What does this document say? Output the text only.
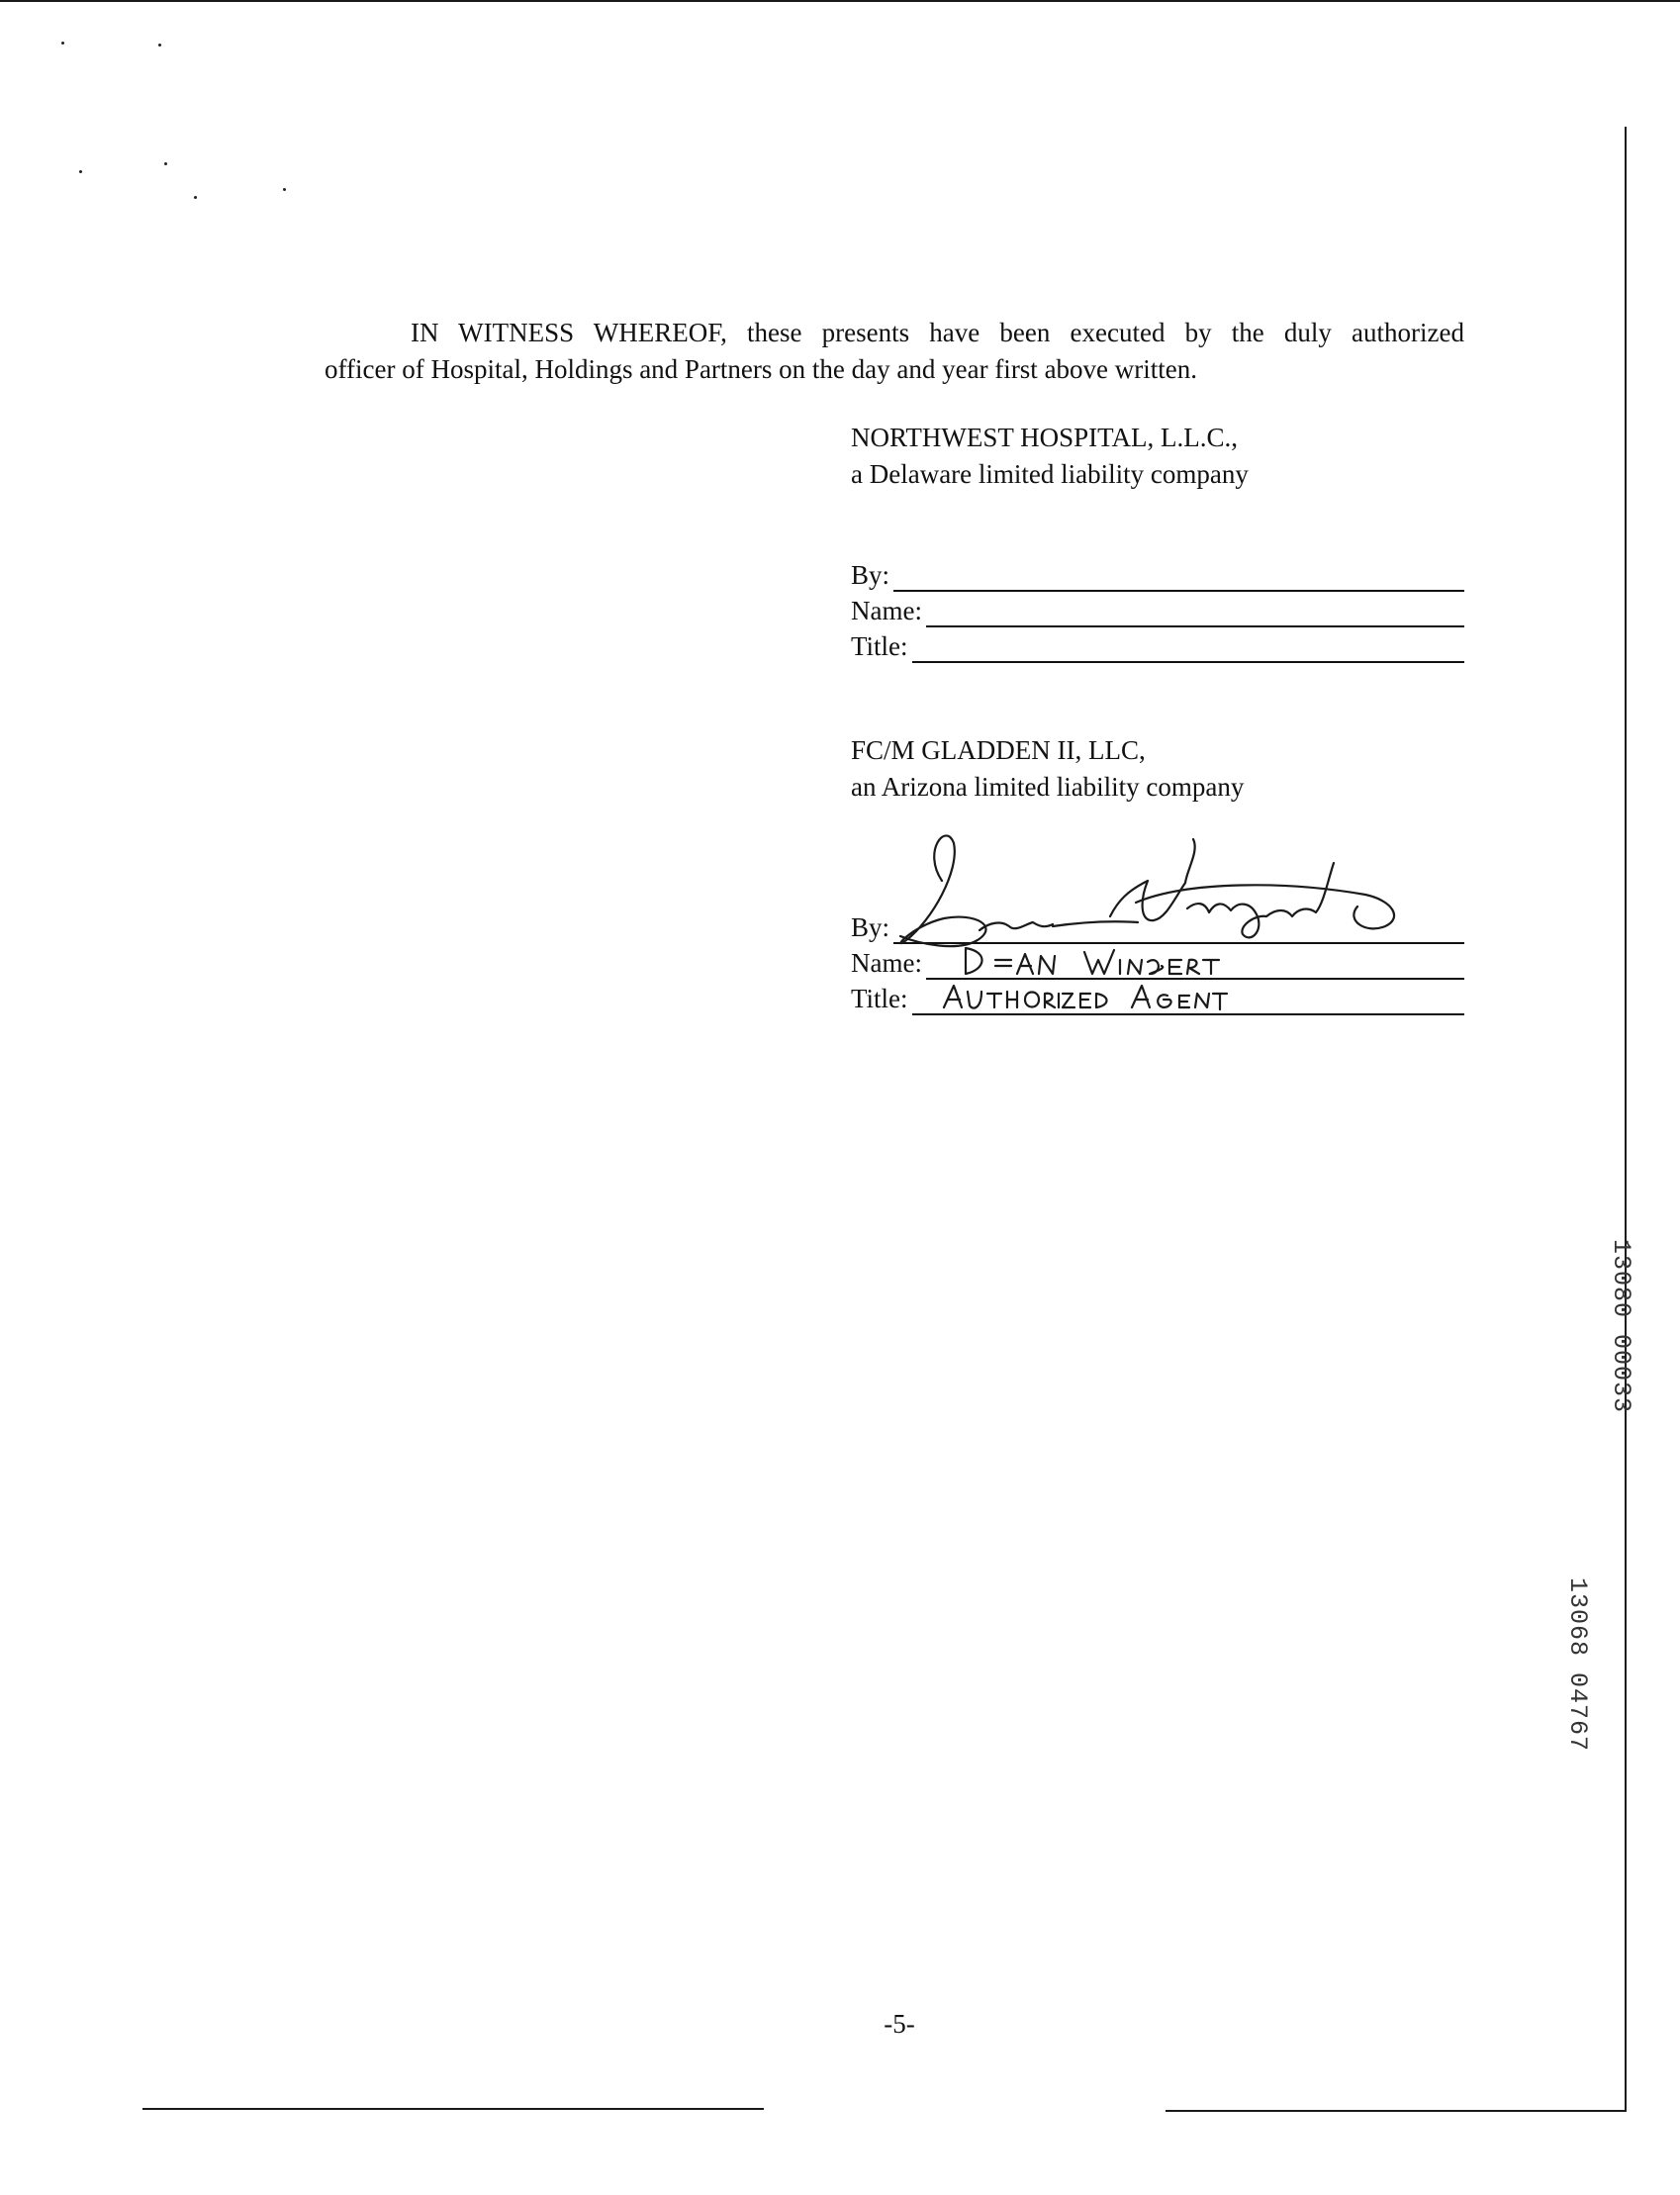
IN WITNESS WHEREOF, these presents have been executed by the duly authorized
officer of Hospital, Holdings and Partners on the day and year first above written.
NORTHWEST HOSPITAL, L.L.C.,
a Delaware limited liability company
By:
Name:
Title:
FC/M GLADDEN II, LLC,
an Arizona limited liability company
By:
Name:
Title:
-5-
13080 00033
13068 04767
